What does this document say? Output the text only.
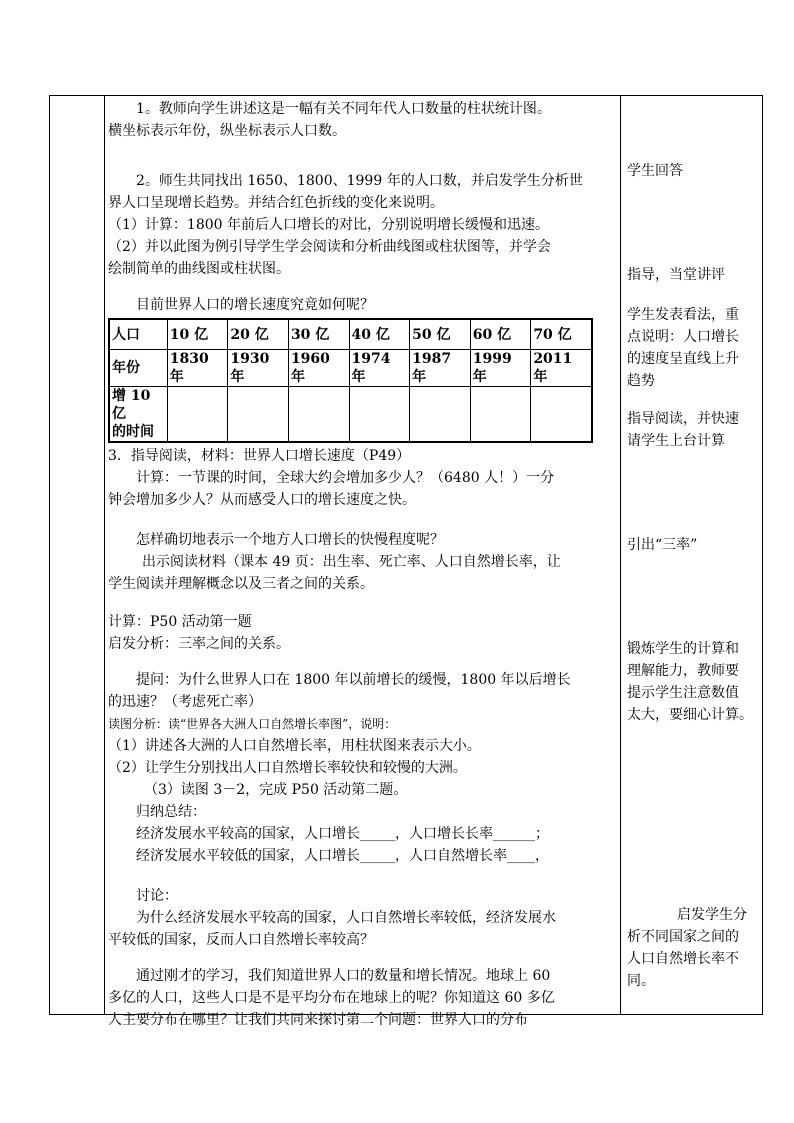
1。教师向学生讲述这是一幅有关不同年代人口数量的柱状统计图。

横坐标表示年份，纵坐标表示人口数。

2。师生共同找出 1650、1800、1999 年的人口数，并启发学生分析世

界人口呈现增长趋势。并结合红色折线的变化来说明。

（1）计算：1800 年前后人口增长的对比，分别说明增长缓慢和迅速。

（2）并以此图为例引导学生学会阅读和分析曲线图或柱状图等，并学会

绘制简单的曲线图或柱状图。

目前世界人口的增长速度究竟如何呢？

人口	10 亿	20 亿	30 亿	40 亿	50 亿	60 亿	70 亿
年份	1830 年	1930 年	1960 年	1974 年	1987 年	1999 年	2011 年

增 10 亿
的时间							

3．指导阅读，材料：世界人口增长速度（P49）

计算：一节课的时间，全球大约会增加多少人？（6480 人！）一分

钟会增加多少人？从而感受人口的增长速度之快。

怎样确切地表示一个地方人口增长的快慢程度呢？

出示阅读材料（课本 49 页：出生率、死亡率、人口自然增长率，让

学生阅读并理解概念以及三者之间的关系。

计算：P50 活动第一题

启发分析：三率之间的关系。

提问：为什么世界人口在 1800 年以前增长的缓慢，1800 年以后增长

的迅速？（考虑死亡率）

读图分析：读“世界各大洲人口自然增长率图”，说明：

（1）讲述各大洲的人口自然增长率，用柱状图来表示大小。

（2）让学生分别找出人口自然增长率较快和较慢的大洲。

（3）读图 3－2，完成 P50 活动第二题。

归纳总结：

经济发展水平较高的国家，人口增长_____，人口增长长率______；

经济发展水平较低的国家，人口增长_____，人口自然增长率____，

讨论：

为什么经济发展水平较高的国家，人口自然增长率较低，经济发展水

平较低的国家，反而人口自然增长率较高？

通过刚才的学习，我们知道世界人口的数量和增长情况。地球上 60

多亿的人口，这些人口是不是平均分布在地球上的呢？你知道这 60 多亿

人主要分布在哪里？让我们共同来探讨第二个问题：世界人口的分布

学生回答
指导，当堂讲评
学生发表看法，重
点说明：人口增长
的速度呈直线上升
趋势
指导阅读，并快速
请学生上台计算
引出“三率”
锻炼学生的计算和
理解能力，教师要
提示学生注意数值
太大，要细心计算。
启发学生分
析不同国家之间的
人口自然增长率不
同。
